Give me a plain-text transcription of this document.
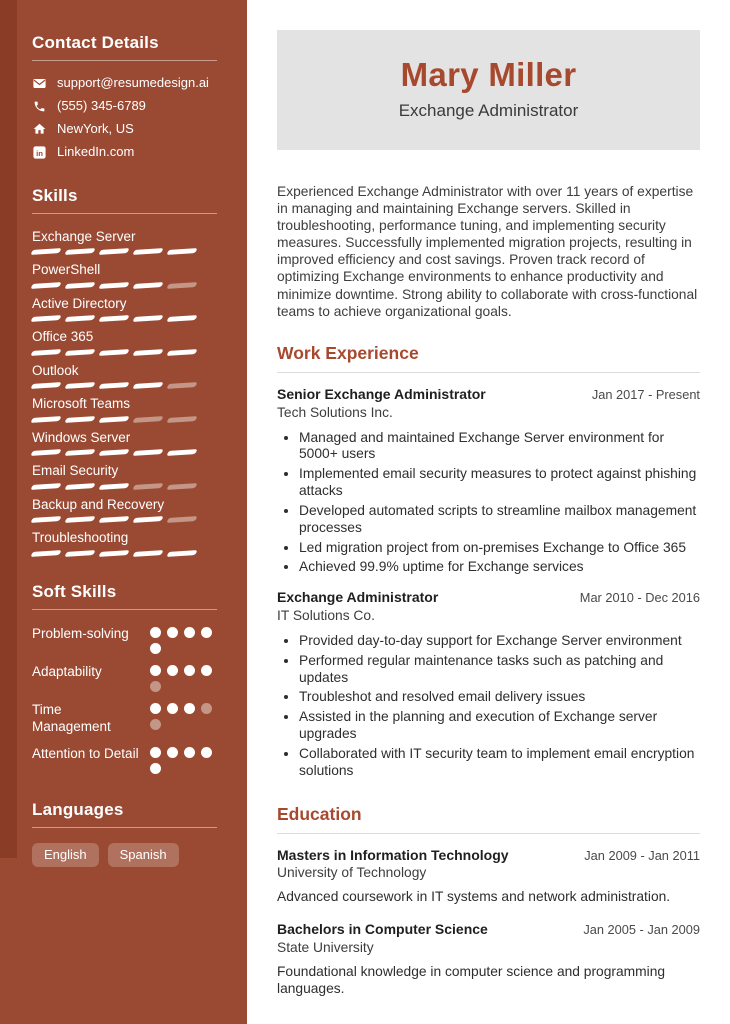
Contact Details
support@resumedesign.ai
(555) 345-6789
NewYork, US
in LinkedIn.com
Skills
Exchange Server
PowerShell
Active Directory
Office 365
Outlook
Microsoft Teams
Windows Server
Email Security
Backup and Recovery
Troubleshooting
Soft Skills
Problem-solving
Adaptability
Time Management
Attention to Detail
Languages
English	Spanish
Mary Miller
Exchange Administrator

Experienced Exchange Administrator with over 11 years of expertise in managing and maintaining Exchange servers. Skilled in troubleshooting, performance tuning, and implementing security measures. Successfully implemented migration projects, resulting in improved efficiency and cost savings. Proven track record of optimizing Exchange environments to enhance productivity and minimize downtime. Strong ability to collaborate with cross-functional teams to achieve organizational goals.

Work Experience
Senior Exchange Administrator	Jan 2017 - Present
Tech Solutions Inc.
• Managed and maintained Exchange Server environment for 5000+ users
• Implemented email security measures to protect against phishing attacks
• Developed automated scripts to streamline mailbox management processes
• Led migration project from on-premises Exchange to Office 365
• Achieved 99.9% uptime for Exchange services
Exchange Administrator	Mar 2010 - Dec 2016
IT Solutions Co.
• Provided day-to-day support for Exchange Server environment
• Performed regular maintenance tasks such as patching and updates
• Troubleshot and resolved email delivery issues
• Assisted in the planning and execution of Exchange server upgrades
• Collaborated with IT security team to implement email encryption solutions
Education
Masters in Information Technology	Jan 2009 - Jan 2011
University of Technology

Advanced coursework in IT systems and network administration.

Bachelors in Computer Science	Jan 2005 - Jan 2009
State University

Foundational knowledge in computer science and programming languages.
